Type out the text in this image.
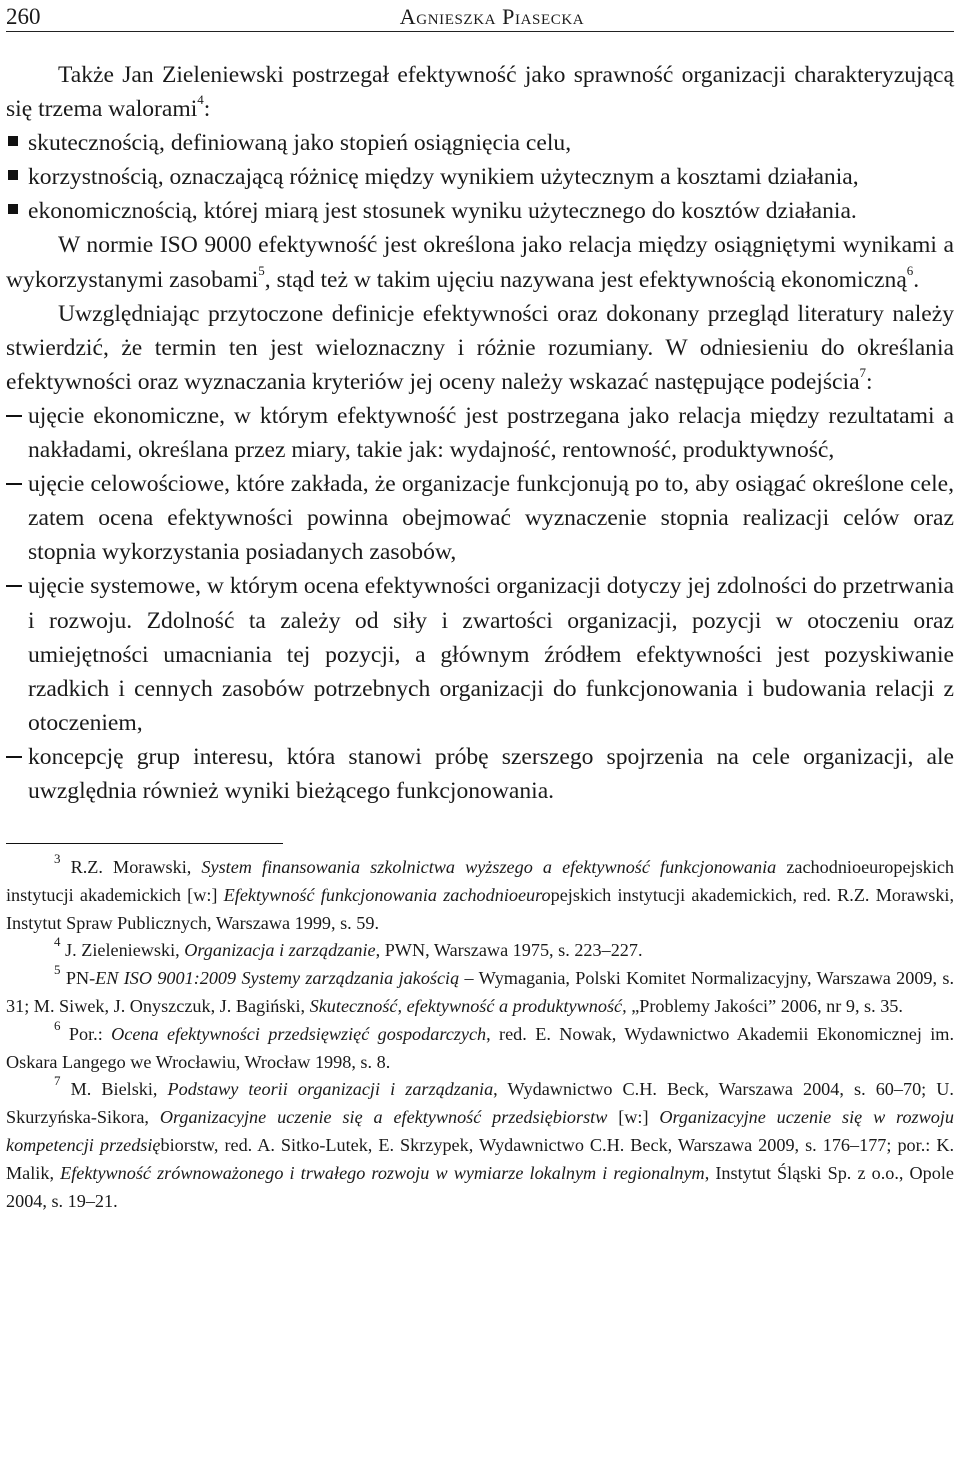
260	Agnieszka Piasecka

Także Jan Zieleniewski postrzegał efektywność jako sprawność organizacji charakteryzującą się trzema walorami$^4$:

skutecznością, definiowaną jako stopień osiągnięcia celu,
korzystnością, oznaczającą różnicę między wynikiem użytecznym a kosztami działania,
ekonomicznością, której miarą jest stosunek wyniku użytecznego do kosztów działania.

W normie ISO 9000 efektywność jest określona jako relacja między osiągniętymi wynikami a wykorzystanymi zasobami$^5$, stąd też w takim ujęciu nazywana jest efektywnością ekonomiczną$^6$.

Uwzględniając przytoczone definicje efektywności oraz dokonany przegląd literatury należy stwierdzić, że termin ten jest wieloznaczny i różnie rozumiany. W odniesieniu do określania efektywności oraz wyznaczania kryteriów jej oceny należy wskazać następujące podejścia$^7$:

ujęcie ekonomiczne, w którym efektywność jest postrzegana jako relacja między rezultatami a nakładami, określana przez miary, takie jak: wydajność, rentowność, produktywność,
ujęcie celowościowe, które zakłada, że organizacje funkcjonują po to, aby osiągać określone cele, zatem ocena efektywności powinna obejmować wyznaczenie stopnia realizacji celów oraz stopnia wykorzystania posiadanych zasobów,
ujęcie systemowe, w którym ocena efektywności organizacji dotyczy jej zdolności do przetrwania i rozwoju. Zdolność ta zależy od siły i zwartości organizacji, pozycji w otoczeniu oraz umiejętności umacniania tej pozycji, a głównym źródłem efektywności jest pozyskiwanie rzadkich i cennych zasobów potrzebnych organizacji do funkcjonowania i budowania relacji z otoczeniem,
koncepcję grup interesu, która stanowi próbę szerszego spojrzenia na cele organizacji, ale uwzględnia również wyniki bieżącego funkcjonowania.

$^3$ R.Z. Morawski, System finansowania szkolnictwa wyższego a efektywność funkcjonowania zachodnioeuropejskich instytucji akademickich [w:] Efektywność funkcjonowania zachodnioeuropejskich instytucji akademickich, red. R.Z. Morawski, Instytut Spraw Publicznych, Warszawa 1999, s. 59.

$^4$ J. Zieleniewski, Organizacja i zarządzanie, PWN, Warszawa 1975, s. 223–227.

$^5$ PN-EN ISO 9001:2009 Systemy zarządzania jakością – Wymagania, Polski Komitet Normalizacyjny, Warszawa 2009, s. 31; M. Siwek, J. Onyszczuk, J. Bagiński, Skuteczność, efektywność a produktywność, „Problemy Jakości” 2006, nr 9, s. 35.

$^6$ Por.: Ocena efektywności przedsięwzięć gospodarczych, red. E. Nowak, Wydawnictwo Akademii Ekonomicznej im. Oskara Langego we Wrocławiu, Wrocław 1998, s. 8.

$^7$ M. Bielski, Podstawy teorii organizacji i zarządzania, Wydawnictwo C.H. Beck, Warszawa 2004, s. 60–70; U. Skurzyńska-Sikora, Organizacyjne uczenie się a efektywność przedsiębiorstw [w:] Organizacyjne uczenie się w rozwoju kompetencji przedsiębiorstw, red. A. Sitko-Lutek, E. Skrzypek, Wydawnictwo C.H. Beck, Warszawa 2009, s. 176–177; por.: K. Malik, Efektywność zrównoważonego i trwałego rozwoju w wymiarze lokalnym i regionalnym, Instytut Śląski Sp. z o.o., Opole 2004, s. 19–21.
